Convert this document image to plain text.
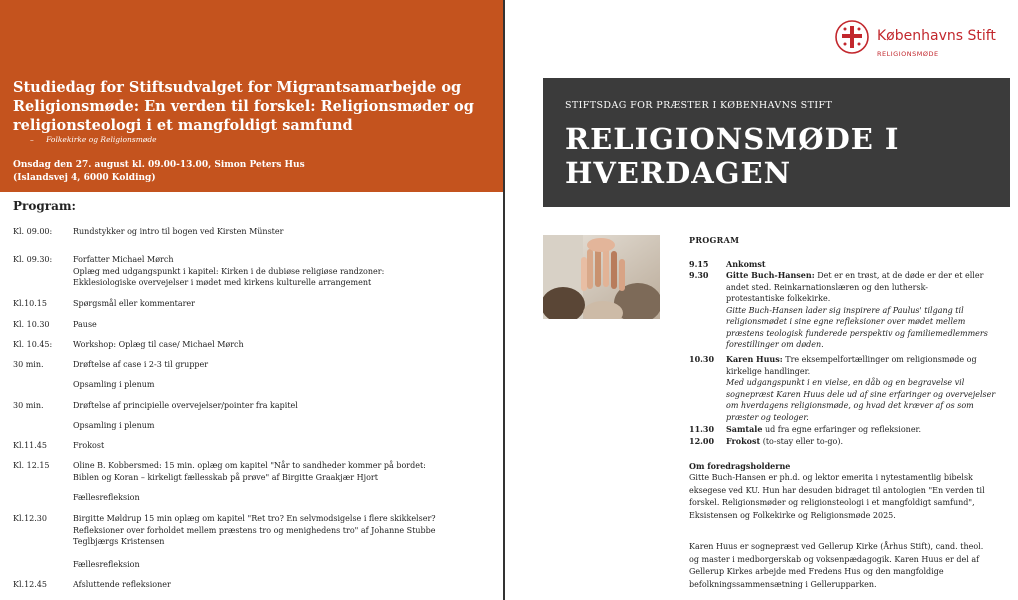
Studiedag for Stiftsudvalget for Migrantsamarbejde og Religionsmøde: En verden til forskel: Religionsmøder og religionsteologi i et mangfoldigt samfund
– Folkekirke og Religionsmøde
Onsdag den 27. august kl. 09.00-13.00, Simon Peters Hus
(Islandsvej 4, 6000 Kolding)
Program:
Kl. 09.00:	Rundstykker og intro til bogen ved Kirsten Münster
Kl. 09.30:	Forfatter Michael Mørch
Oplæg med udgangspunkt i kapitel: Kirken i de dubiøse religiøse randzoner:
Ekklesiologiske overvejelser i mødet med kirkens kulturelle arrangement
Kl.10.15	Spørgsmål eller kommentarer
Kl. 10.30	Pause
Kl. 10.45:	Workshop: Oplæg til case/ Michael Mørch
30 min.	Drøftelse af case i 2-3 til grupper
Opsamling i plenum
30 min.	Drøftelse af principielle overvejelser/pointer fra kapitel
Opsamling i plenum
Kl.11.45	Frokost
Kl. 12.15	Oline B. Kobbersmed: 15 min. oplæg om kapitel "Når to sandheder kommer på bordet:
Biblen og Koran – kirkeligt fællesskab på prøve" af Birgitte Graakjær Hjort
Fællesrefleksion
Kl.12.30	Birgitte Møldrup 15 min oplæg om kapitel "Ret tro? En selvmodsigelse i flere skikkelser?
Refleksioner over forholdet mellem præstens tro og menighedens tro" af Johanne Stubbe
Teglbjærgs Kristensen
Fællesrefleksion
Kl.12.45	Afsluttende refleksioner
Københavns Stift
RELIGIONSMØDE
STIFTSDAG FOR PRÆSTER I KØBENHAVNS STIFT
RELIGIONSMØDE I
HVERDAGEN
PROGRAM
9.15	Ankomst
9.30	Gitte Buch-Hansen: Det er en trøst, at de døde er der et eller
andet sted. Reinkarnationslæren og den luthersk-
protestantiske folkekirke.
Gitte Buch-Hansen lader sig inspirere af Paulus' tilgang til
religionsmødet i sine egne refleksioner over mødet mellem
præstens teologisk funderede perspektiv og familiemedlemmers
forestillinger om døden.
10.30	Karen Huus: Tre eksempelfortællinger om religionsmøde og
kirkelige handlinger.
Med udgangspunkt i en vielse, en dåb og en begravelse vil
sognepræst Karen Huus dele ud af sine erfaringer og overvejelser
om hverdagens religionsmøde, og hvad det kræver af os som
præster og teologer.
11.30	Samtale ud fra egne erfaringer og refleksioner.
12.00	Frokost (to-stay eller to-go).
Om foredragsholderne
Gitte Buch-Hansen er ph.d. og lektor emerita i nytestamentlig bibelsk
eksegese ved KU. Hun har desuden bidraget til antologien "En verden til
forskel. Religionsmøder og religionsteologi i et mangfoldigt samfund",
Eksistensen og Folkekirke og Religionsmøde 2025.
Karen Huus er sognepræst ved Gellerup Kirke (Århus Stift), cand. theol.
og master i medborgerskab og voksenpædagogik. Karen Huus er del af
Gellerup Kirkes arbejde med Fredens Hus og den mangfoldige
befolkningssammensætning i Gellerupparken.
